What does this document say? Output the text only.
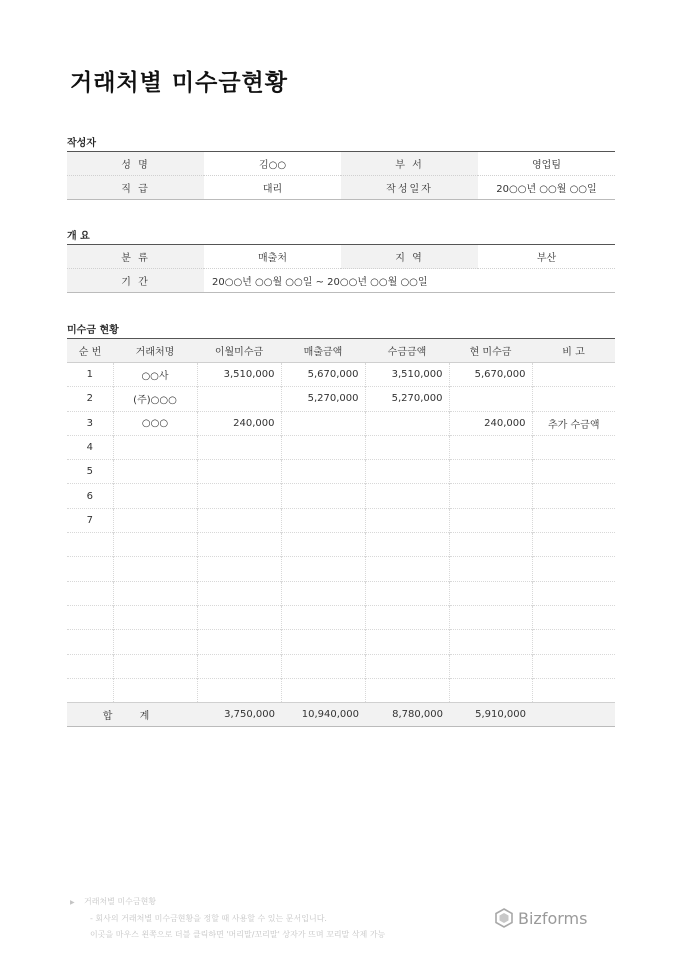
거래처별 미수금현황
작성자
성 명	김○○	부 서	영업팀
직 급	대리	작성일자	20○○년 ○○월 ○○일
개 요
분 류	매출처	지 역	부산
기 간	20○○년 ○○월 ○○일 ~ 20○○년 ○○월 ○○일		
미수금 현황
순 번	거래처명	이월미수금	매출금액	수금금액	현 미수금	비 고
1	○○사	3,510,000	5,670,000	3,510,000	5,670,000	
2	(주)○○○		5,270,000	5,270,000		
3	○○○	240,000			240,000	추가 수금액
4						
5						
6						
7						

합 계		3,750,000	10,940,000	8,780,000	5,910,000	
▶ 거래처별 미수금현황
- 회사의 거래처별 미수금현황을 정할 때 사용할 수 있는 문서입니다.
이곳을 마우스 왼쪽으로 더블 클릭하면 '머리말/꼬리말' 상자가 뜨며 꼬리말 삭제 가능
Bizforms
